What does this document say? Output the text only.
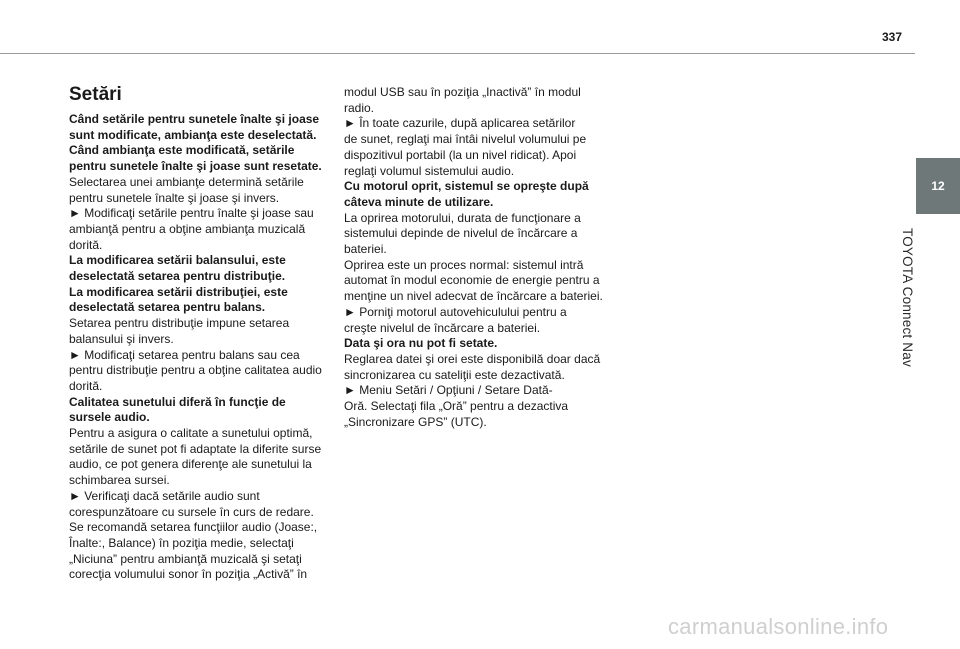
337
12
TOYOTA Connect Nav
Setări

Când setările pentru sunetele înalte şi joase
sunt modificate, ambianţa este deselectată.
Când ambianţa este modificată, setările
pentru sunetele înalte şi joase sunt resetate.

Selectarea unei ambianţe determină setările
pentru sunetele înalte şi joase şi invers.
► Modificaţi setările pentru înalte şi joase sau
ambianţă pentru a obţine ambianţa muzicală
dorită.

La modificarea setării balansului, este
deselectată setarea pentru distribuţie.
La modificarea setării distribuţiei, este
deselectată setarea pentru balans.

Setarea pentru distribuţie impune setarea
balansului şi invers.
► Modificaţi setarea pentru balans sau cea
pentru distribuţie pentru a obţine calitatea audio
dorită.

Calitatea sunetului diferă în funcţie de
sursele audio.

Pentru a asigura o calitate a sunetului optimă,
setările de sunet pot fi adaptate la diferite surse
audio, ce pot genera diferenţe ale sunetului la
schimbarea sursei.
► Verificaţi dacă setările audio sunt
corespunzătoare cu sursele în curs de redare.
Se recomandă setarea funcţiilor audio (Joase:,
Înalte:, Balance) în poziţia medie, selectaţi
„Niciuna” pentru ambianţă muzicală şi setaţi
corecţia volumului sonor în poziţia „Activă” în

modul USB sau în poziţia „Inactivă” în modul
radio.
► În toate cazurile, după aplicarea setărilor
de sunet, reglaţi mai întâi nivelul volumului pe
dispozitivul portabil (la un nivel ridicat). Apoi
reglaţi volumul sistemului audio.

Cu motorul oprit, sistemul se opreşte după
câteva minute de utilizare.

La oprirea motorului, durata de funcţionare a
sistemului depinde de nivelul de încărcare a
bateriei.
Oprirea este un proces normal: sistemul intră
automat în modul economie de energie pentru a
menţine un nivel adecvat de încărcare a bateriei.
► Porniţi motorul autovehiculului pentru a
creşte nivelul de încărcare a bateriei.

Data şi ora nu pot fi setate.

Reglarea datei şi orei este disponibilă doar dacă
sincronizarea cu sateliţii este dezactivată.
► Meniu Setări / Opţiuni / Setare Dată-
Oră. Selectaţi fila „Oră” pentru a dezactiva
„Sincronizare GPS” (UTC).

carmanualsonline.info
